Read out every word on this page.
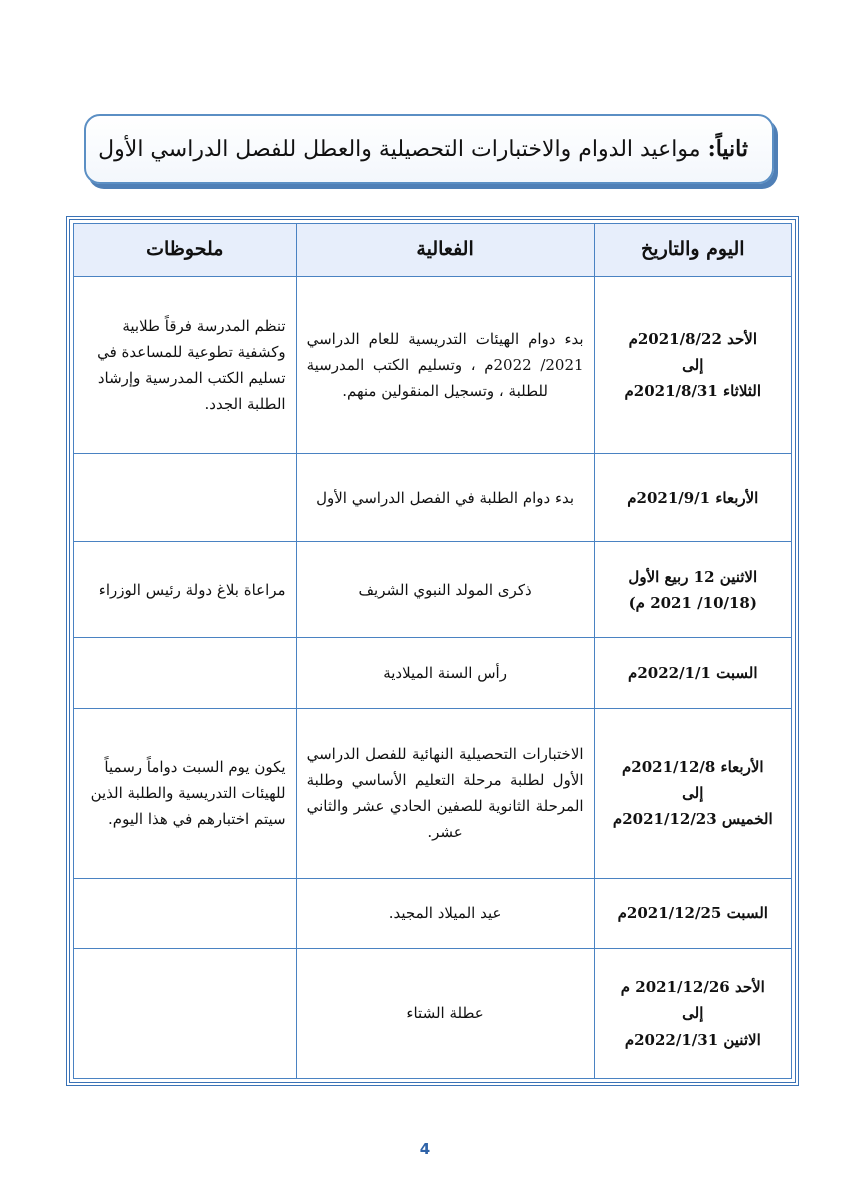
ثانياً: مواعيد الدوام والاختبارات التحصيلية والعطل للفصل الدراسي الأول
اليوم والتاريخ	الفعالية	ملحوظات

الأحد 2021/8/22م
إلى
الثلاثاء 2021/8/31م	بدء دوام الهيئات التدريسية للعام الدراسي 2021/ 2022م ، وتسليم الكتب المدرسية للطلبة ، وتسجيل المنقولين منهم.	تنظم المدرسة فرقاً طلابية وكشفية تطوعية للمساعدة في تسليم الكتب المدرسية وإرشاد الطلبة الجدد.

الأربعاء 2021/9/1م	بدء دوام الطلبة في الفصل الدراسي الأول	

الاثنين 12 ربيع الأول
(10/18/ 2021 م)	ذكرى المولد النبوي الشريف	مراعاة بلاغ دولة رئيس الوزراء

السبت 2022/1/1م	رأس السنة الميلادية	

الأربعاء 2021/12/8م
إلى
الخميس 2021/12/23م	الاختبارات التحصيلية النهائية للفصل الدراسي الأول لطلبة مرحلة التعليم الأساسي وطلبة المرحلة الثانوية للصفين الحادي عشر والثاني عشر.	يكون يوم السبت دواماً رسمياً للهيئات التدريسية والطلبة الذين سيتم اختبارهم في هذا اليوم.

السبت 2021/12/25م	عيد الميلاد المجيد.	

الأحد 2021/12/26 م
إلى
الاثنين 2022/1/31م	عطلة الشتاء	
4
